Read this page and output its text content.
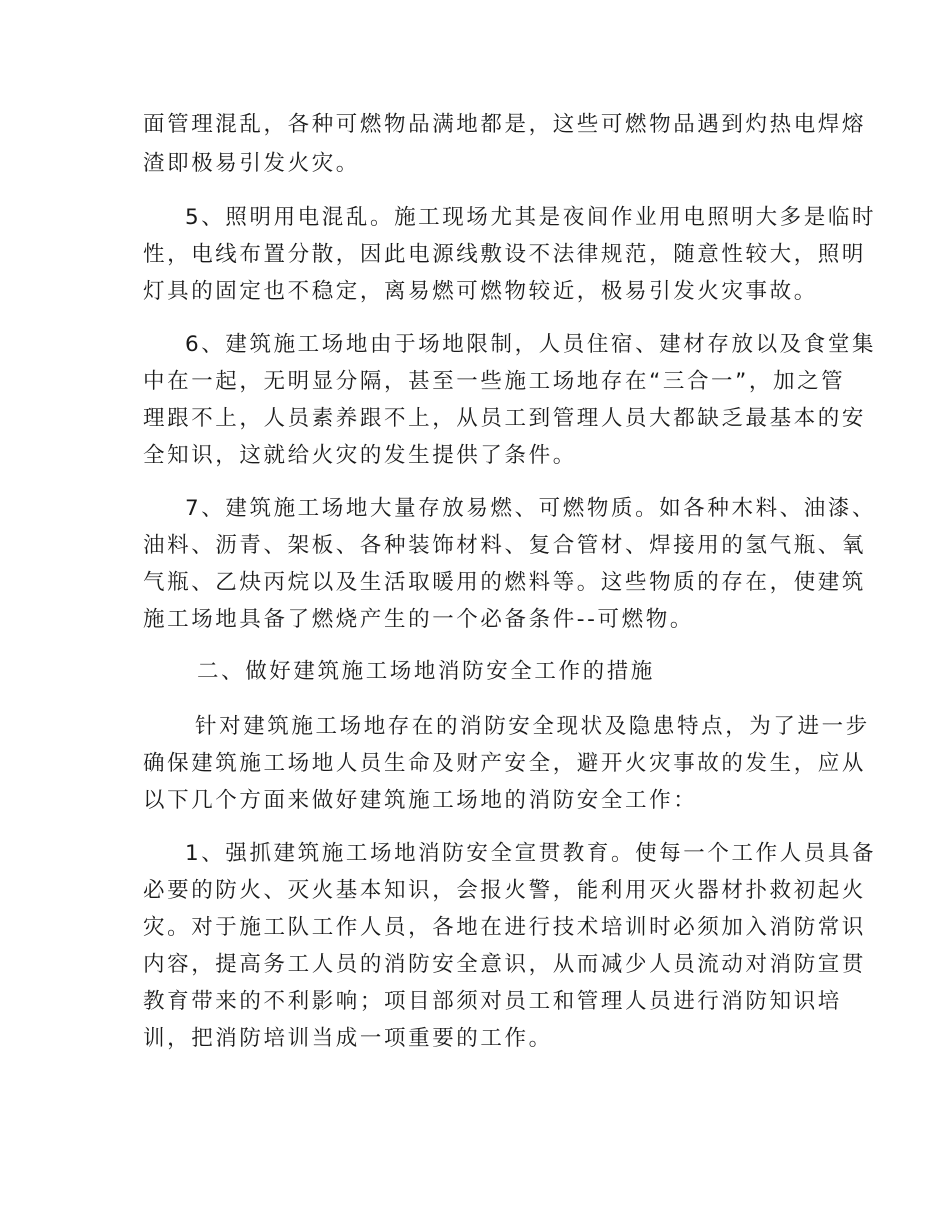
面管理混乱，各种可燃物品满地都是，这些可燃物品遇到灼热电焊熔
渣即极易引发火灾。
5、照明用电混乱。施工现场尤其是夜间作业用电照明大多是临时
性，电线布置分散，因此电源线敷设不法律规范，随意性较大，照明
灯具的固定也不稳定，离易燃可燃物较近，极易引发火灾事故。
6、建筑施工场地由于场地限制，人员住宿、建材存放以及食堂集
中在一起，无明显分隔，甚至一些施工场地存在“三合一”，加之管
理跟不上，人员素养跟不上，从员工到管理人员大都缺乏最基本的安
全知识，这就给火灾的发生提供了条件。
7、建筑施工场地大量存放易燃、可燃物质。如各种木料、油漆、
油料、沥青、架板、各种装饰材料、复合管材、焊接用的氢气瓶、氧
气瓶、乙炔丙烷以及生活取暖用的燃料等。这些物质的存在，使建筑
施工场地具备了燃烧产生的一个必备条件--可燃物。
二、做好建筑施工场地消防安全工作的措施
针对建筑施工场地存在的消防安全现状及隐患特点，为了进一步
确保建筑施工场地人员生命及财产安全，避开火灾事故的发生，应从
以下几个方面来做好建筑施工场地的消防安全工作：
1、强抓建筑施工场地消防安全宣贯教育。使每一个工作人员具备
必要的防火、灭火基本知识，会报火警，能利用灭火器材扑救初起火
灾。对于施工队工作人员，各地在进行技术培训时必须加入消防常识
内容，提高务工人员的消防安全意识，从而减少人员流动对消防宣贯
教育带来的不利影响；项目部须对员工和管理人员进行消防知识培
训，把消防培训当成一项重要的工作。
